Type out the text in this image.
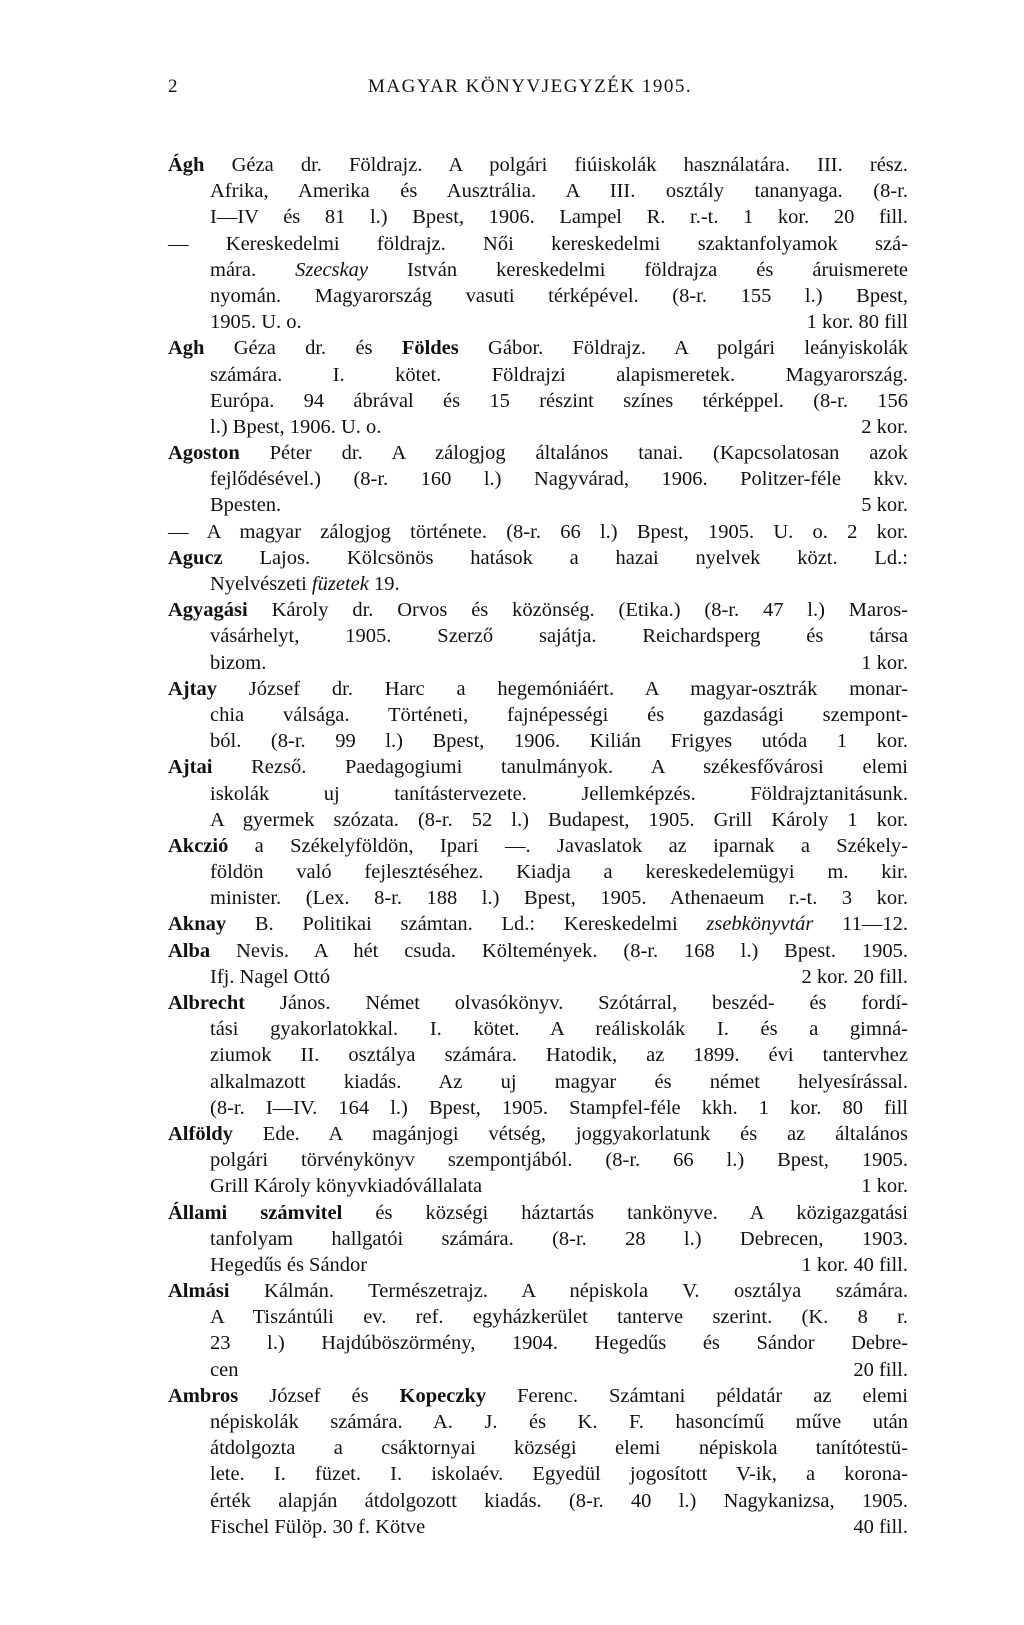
2	MAGYAR KÖNYVJEGYZÉK 1905.
Ágh Géza dr. Földrajz. A polgári fiúiskolák használatára. III. rész.
Afrika, Amerika és Ausztrália. A III. osztály tananyaga. (8-r.
I—IV és 81 l.) Bpest, 1906. Lampel R. r.-t. 1 kor. 20 fill.
— Kereskedelmi földrajz. Női kereskedelmi szaktanfolyamok szá-
mára. Szecskay István kereskedelmi földrajza és áruismerete
nyomán. Magyarország vasuti térképével. (8-r. 155 l.) Bpest,
1905. U. o.	1 kor. 80 fill
Agh Géza dr. és Földes Gábor. Földrajz. A polgári leányiskolák
számára. I. kötet. Földrajzi alapismeretek. Magyarország.
Európa. 94 ábrával és 15 részint színes térképpel. (8-r. 156
l.) Bpest, 1906. U. o.	2 kor.
Agoston Péter dr. A zálogjog általános tanai. (Kapcsolatosan azok
fejlődésével.) (8-r. 160 l.) Nagyvárad, 1906. Politzer-féle kkv.
Bpesten.	5 kor.
— A magyar zálogjog története. (8-r. 66 l.) Bpest, 1905. U. o. 2 kor.
Agucz Lajos. Kölcsönös hatások a hazai nyelvek közt. Ld.:
Nyelvészeti füzetek 19.
Agyagási Károly dr. Orvos és közönség. (Etika.) (8-r. 47 l.) Maros-
vásárhelyt, 1905. Szerző sajátja. Reichardsperg és társa
bizom.	1 kor.
Ajtay József dr. Harc a hegemóniáért. A magyar-osztrák monar-
chia válsága. Történeti, fajnépességi és gazdasági szempont-
ból. (8-r. 99 l.) Bpest, 1906. Kilián Frigyes utóda 1 kor.
Ajtai Rezső. Paedagogiumi tanulmányok. A székesfővárosi elemi
iskolák uj tanítástervezete. Jellemképzés. Földrajztanitásunk.
A gyermek szózata. (8-r. 52 l.) Budapest, 1905. Grill Károly 1 kor.
Akczió a Székelyföldön, Ipari —. Javaslatok az iparnak a Székely-
földön való fejlesztéséhez. Kiadja a kereskedelemügyi m. kir.
minister. (Lex. 8-r. 188 l.) Bpest, 1905. Athenaeum r.-t. 3 kor.
Aknay B. Politikai számtan. Ld.: Kereskedelmi zsebkönyvtár 11—12.
Alba Nevis. A hét csuda. Költemények. (8-r. 168 l.) Bpest. 1905.
Ifj. Nagel Ottó	2 kor. 20 fill.
Albrecht János. Német olvasókönyv. Szótárral, beszéd- és fordí-
tási gyakorlatokkal. I. kötet. A reáliskolák I. és a gimná-
ziumok II. osztálya számára. Hatodik, az 1899. évi tantervhez
alkalmazott kiadás. Az uj magyar és német helyesírással.
(8-r. I—IV. 164 l.) Bpest, 1905. Stampfel-féle kkh. 1 kor. 80 fill
Alföldy Ede. A magánjogi vétség, joggyakorlatunk és az általános
polgári törvénykönyv szempontjából. (8-r. 66 l.) Bpest, 1905.
Grill Károly könyvkiadóvállalata	1 kor.
Állami számvitel és községi háztartás tankönyve. A közigazgatási
tanfolyam hallgatói számára. (8-r. 28 l.) Debrecen, 1903.
Hegedűs és Sándor	1 kor. 40 fill.
Almási Kálmán. Természetrajz. A népiskola V. osztálya számára.
A Tiszántúli ev. ref. egyházkerület tanterve szerint. (K. 8 r.
23 l.) Hajdúböszörmény, 1904. Hegedűs és Sándor Debre-
cen	20 fill.
Ambros József és Kopeczky Ferenc. Számtani példatár az elemi
népiskolák számára. A. J. és K. F. hasoncímű műve után
átdolgozta a csáktornyai községi elemi népiskola tanítótestü-
lete. I. füzet. I. iskolaév. Egyedül jogosított V-ik, a korona-
érték alapján átdolgozott kiadás. (8-r. 40 l.) Nagykanizsa, 1905.
Fischel Fülöp. 30 f. Kötve	40 fill.
